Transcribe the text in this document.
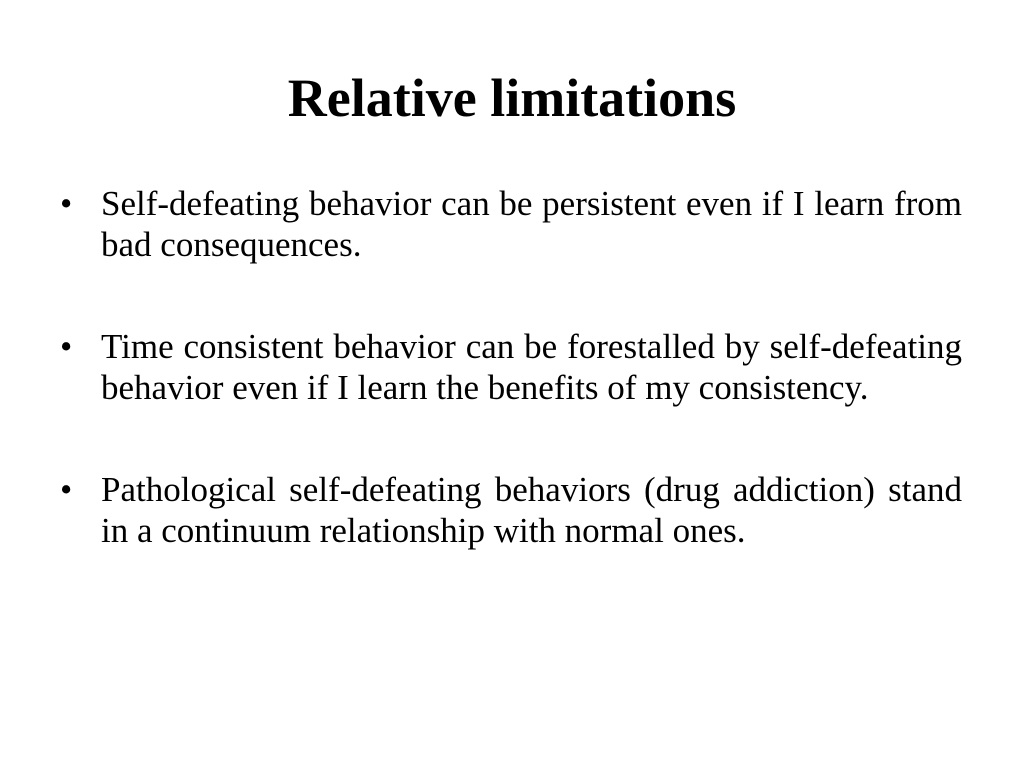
Relative limitations
• Self-defeating behavior can be persistent even if I learn from bad consequences.
• Time consistent behavior can be forestalled by self-defeating behavior even if I learn the benefits of my consistency.
• Pathological self-defeating behaviors (drug addiction) stand in a continuum relationship with normal ones.
